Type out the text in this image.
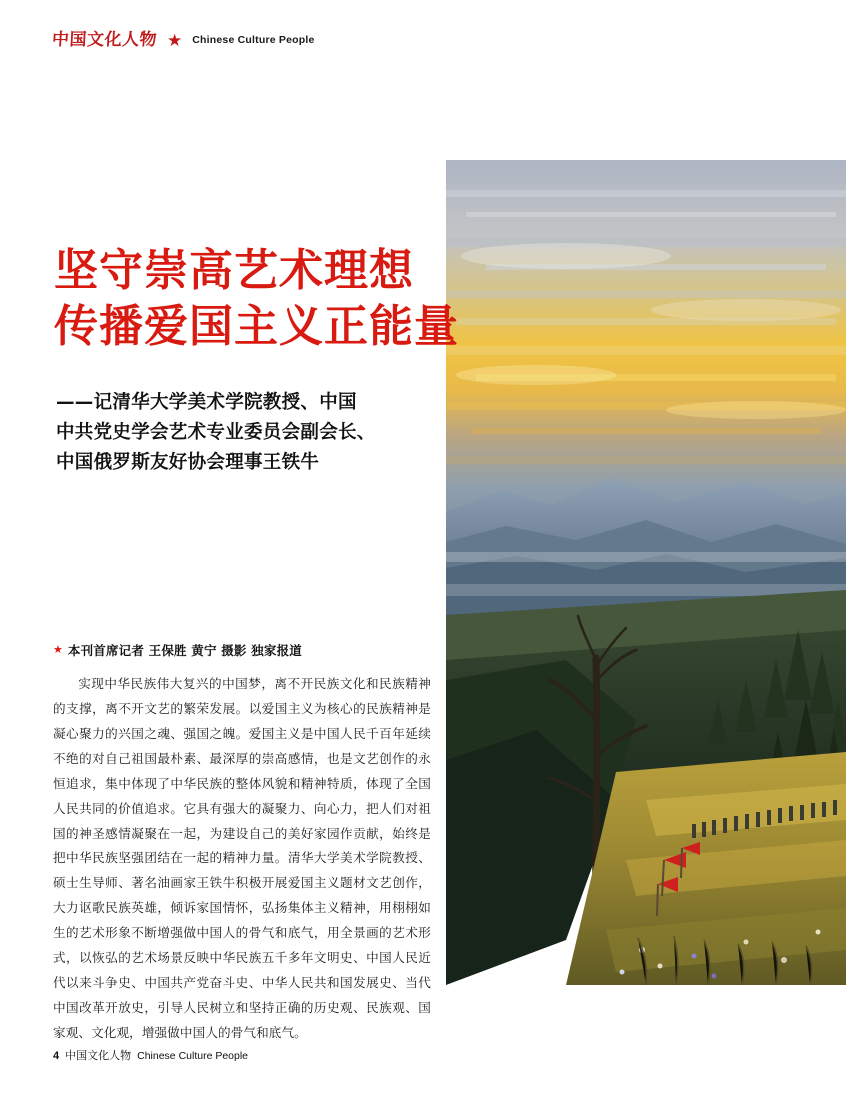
中国文化人物 ★ Chinese Culture People
坚守崇高艺术理想
传播爱国主义正能量
——记清华大学美术学院教授、中国
中共党史学会艺术专业委员会副会长、
中国俄罗斯友好协会理事王铁牛
★ 本刊首席记者 王保胜 黄宁 摄影 独家报道

实现中华民族伟大复兴的中国梦，离不开民族文化和民族精神的支撑，离不开文艺的繁荣发展。以爱国主义为核心的民族精神是凝心聚力的兴国之魂、强国之魄。爱国主义是中国人民千百年延续不绝的对自己祖国最朴素、最深厚的崇高感情，也是文艺创作的永恒追求，集中体现了中华民族的整体风貌和精神特质，体现了全国人民共同的价值追求。它具有强大的凝聚力、向心力，把人们对祖国的神圣感情凝聚在一起，为建设自己的美好家园作贡献，始终是把中华民族坚强团结在一起的精神力量。清华大学美术学院教授、硕士生导师、著名油画家王铁牛积极开展爱国主义题材文艺创作，大力讴歌民族英雄，倾诉家国情怀，弘扬集体主义精神，用栩栩如生的艺术形象不断增强做中国人的骨气和底气，用全景画的艺术形式，以恢弘的艺术场景反映中华民族五千多年文明史、中国人民近代以来斗争史、中国共产党奋斗史、中华人民共和国发展史、当代中国改革开放史，引导人民树立和坚持正确的历史观、民族观、国家观、文化观，增强做中国人的骨气和底气。

4 中国文化人物 Chinese Culture People
